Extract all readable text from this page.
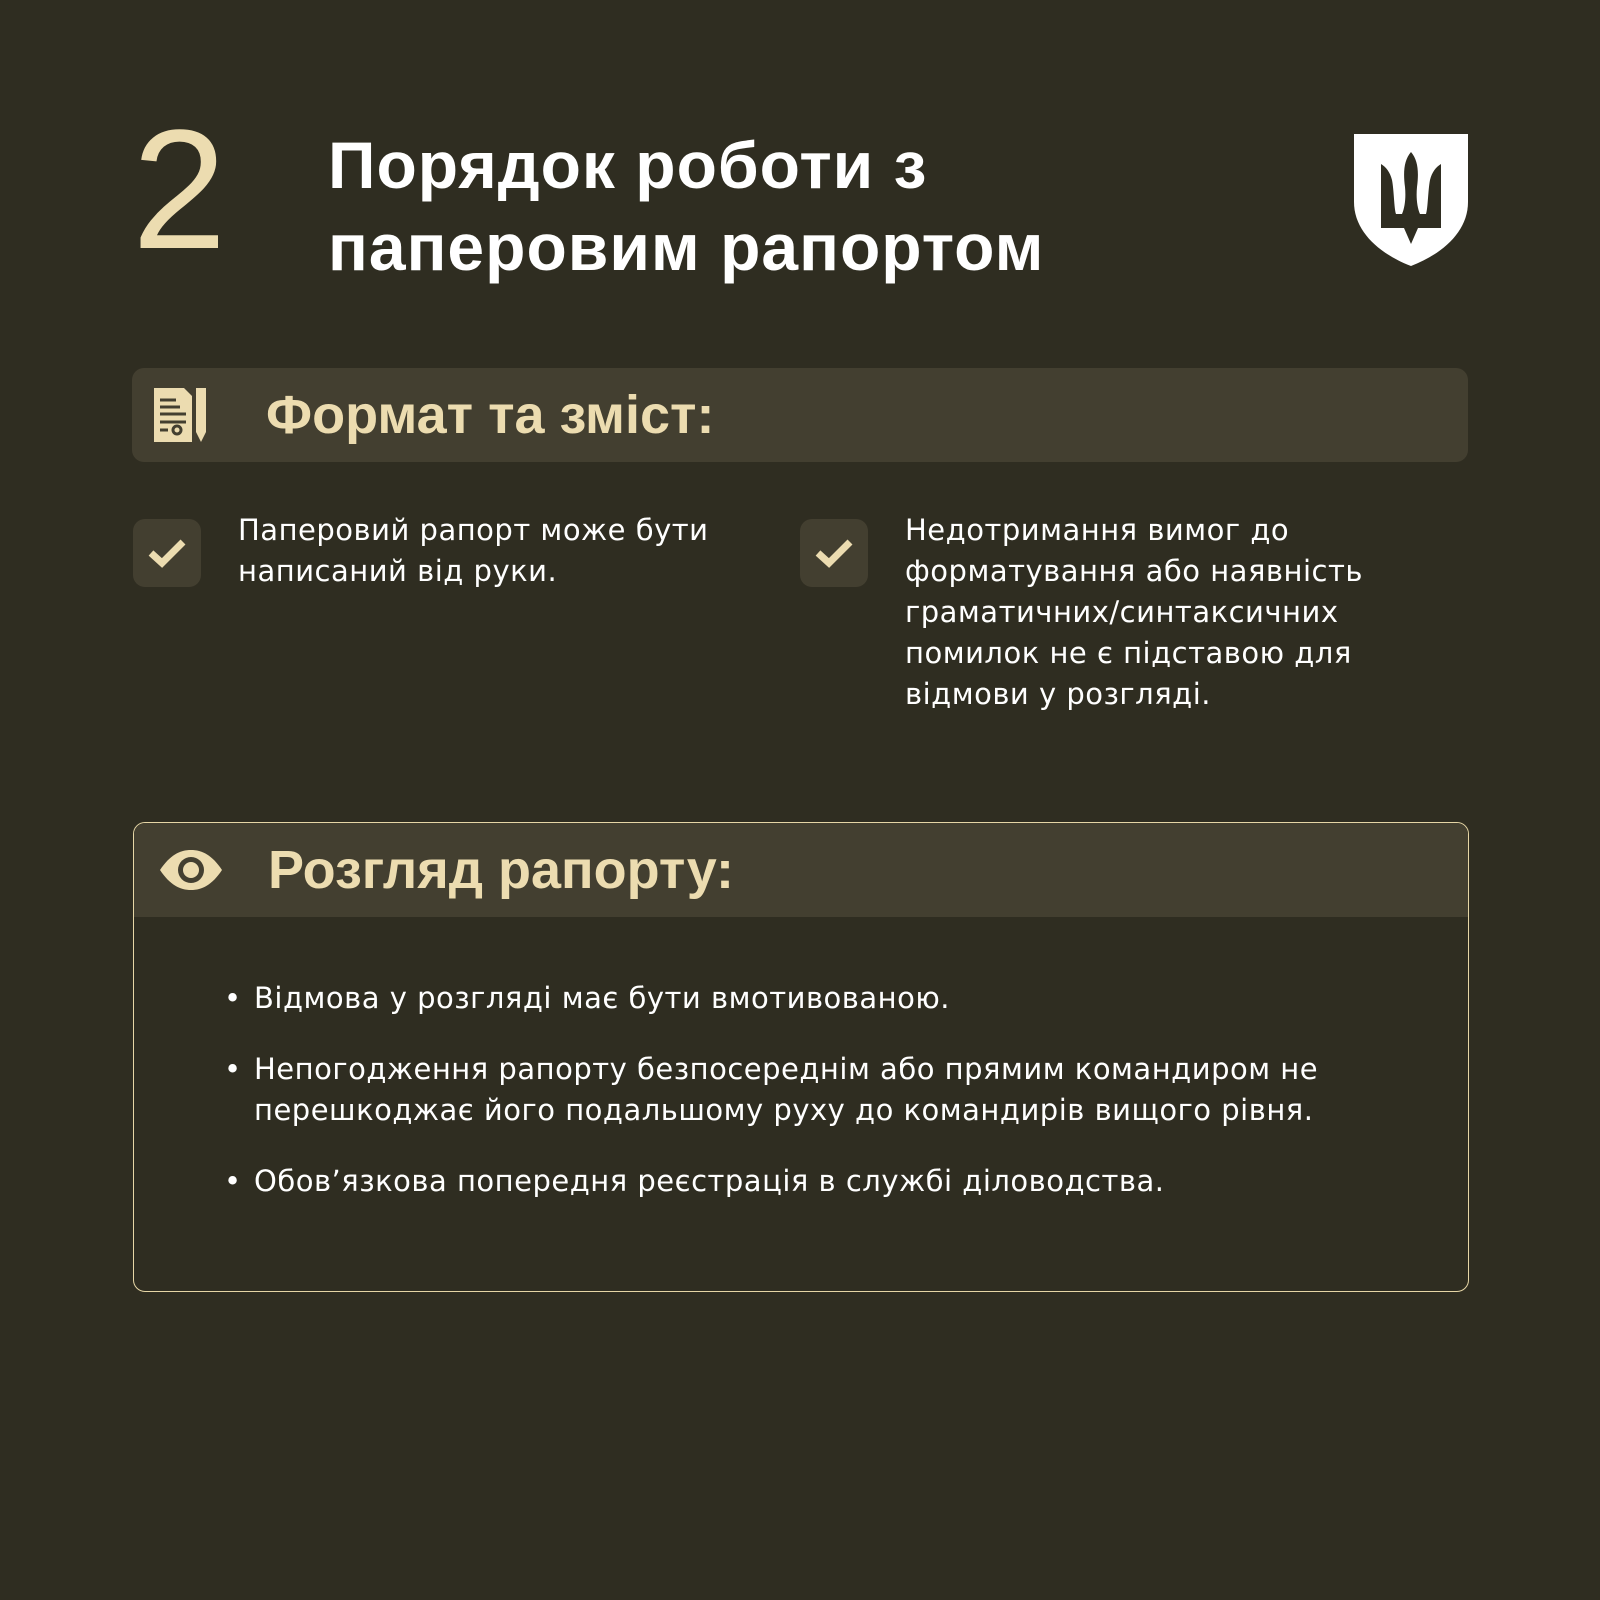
2 Порядок роботи з
паперовим рапортом
Формат та зміст:
Паперовий рапорт може бути написаний від руки.
Недотримання вимог до форматування або наявність граматичних/синтаксичних помилок не є підставою для відмови у розгляді.
Розгляд рапорту:
• Відмова у розгляді має бути вмотивованою.
• Непогодження рапорту безпосереднім або прямим командиром не перешкоджає його подальшому руху до командирів вищого рівня.
• Обов’язкова попередня реєстрація в службі діловодства.
